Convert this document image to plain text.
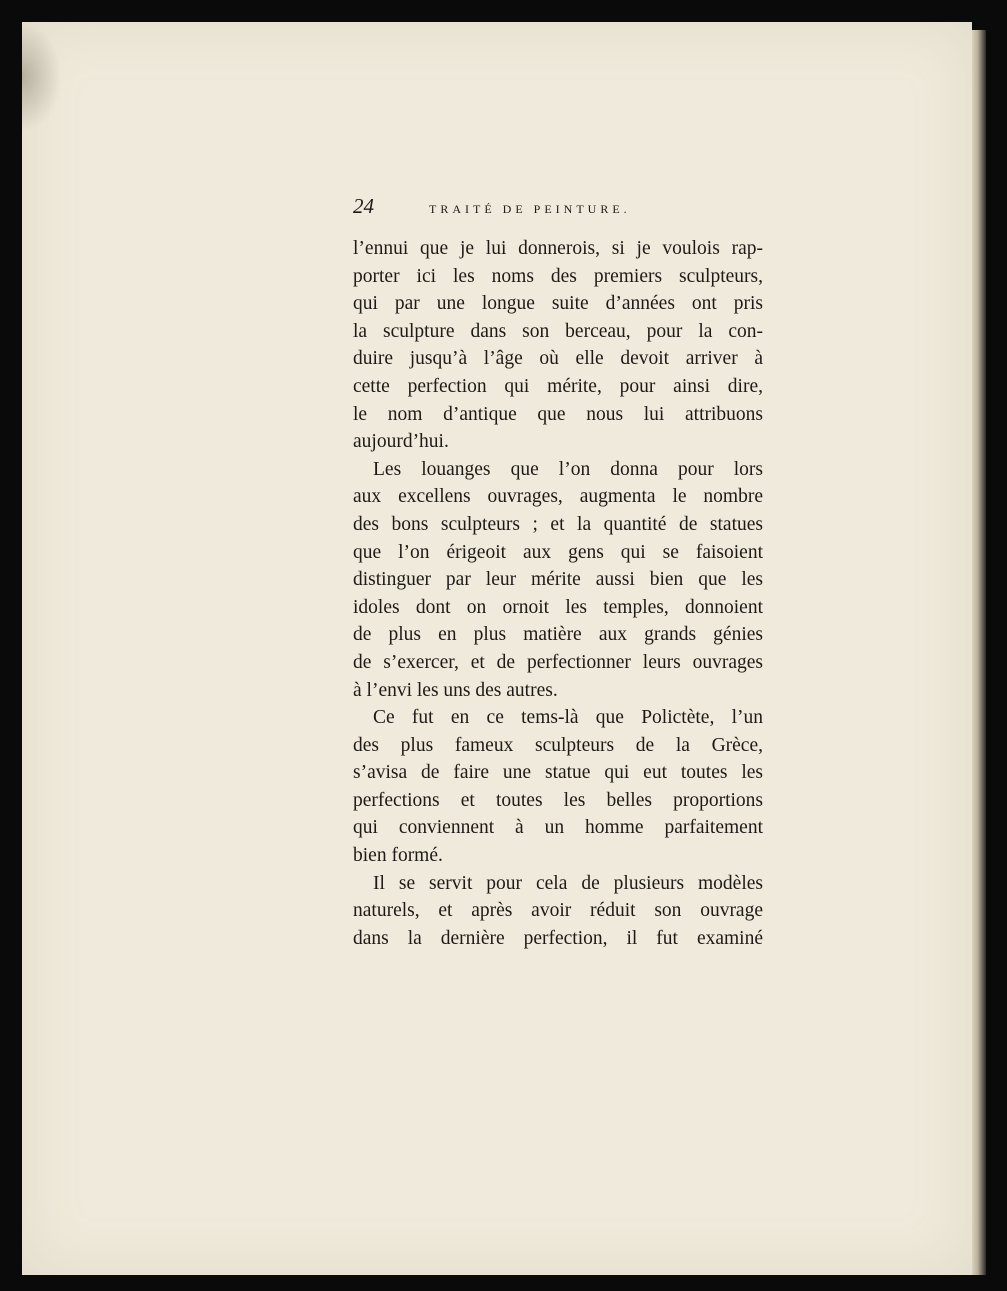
24	TRAITÉ DE PEINTURE.
l’ennui que je lui donnerois, si je voulois rap-
porter ici les noms des premiers sculpteurs,
qui par une longue suite d’années ont pris
la sculpture dans son berceau, pour la con-
duire jusqu’à l’âge où elle devoit arriver à
cette perfection qui mérite, pour ainsi dire,
le nom d’antique que nous lui attribuons
aujourd’hui.
Les louanges que l’on donna pour lors
aux excellens ouvrages, augmenta le nombre
des bons sculpteurs ; et la quantité de statues
que l’on érigeoit aux gens qui se faisoient
distinguer par leur mérite aussi bien que les
idoles dont on ornoit les temples, donnoient
de plus en plus matière aux grands génies
de s’exercer, et de perfectionner leurs ouvrages
à l’envi les uns des autres.
Ce fut en ce tems-là que Polictète, l’un
des plus fameux sculpteurs de la Grèce,
s’avisa de faire une statue qui eut toutes les
perfections et toutes les belles proportions
qui conviennent à un homme parfaitement
bien formé.
Il se servit pour cela de plusieurs modèles
naturels, et après avoir réduit son ouvrage
dans la dernière perfection, il fut examiné
